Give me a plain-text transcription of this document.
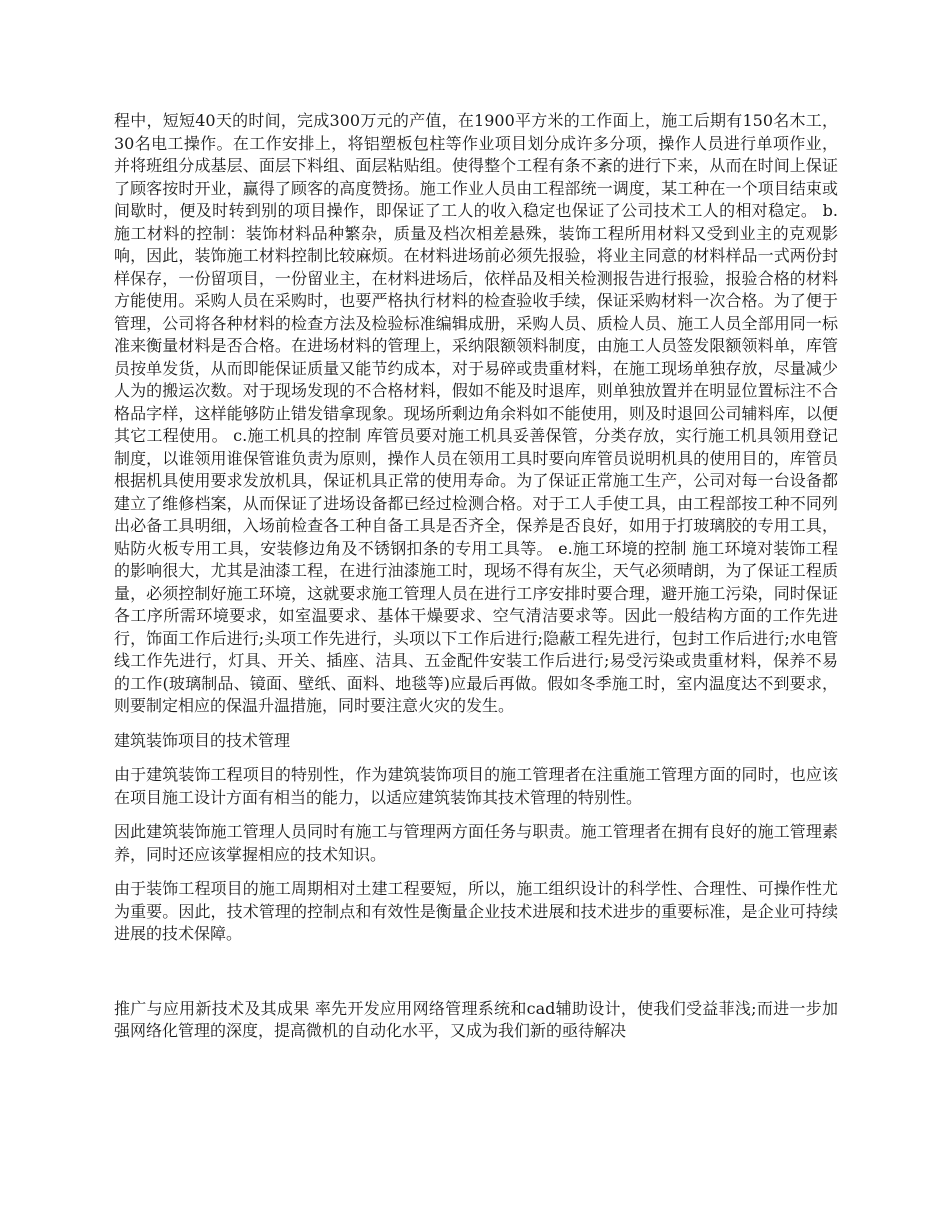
程中，短短40天的时间，完成300万元的产值，在1900平方米的工作面上，施工后期有150名木工，30名电工操作。在工作安排上，将铝塑板包柱等作业项目划分成许多分项，操作人员进行单项作业，并将班组分成基层、面层下料组、面层粘贴组。使得整个工程有条不紊的进行下来，从而在时间上保证了顾客按时开业，赢得了顾客的高度赞扬。施工作业人员由工程部统一调度，某工种在一个项目结束或间歇时，便及时转到别的项目操作，即保证了工人的收入稳定也保证了公司技术工人的相对稳定。 b.施工材料的控制：装饰材料品种繁杂，质量及档次相差悬殊，装饰工程所用材料又受到业主的克观影响，因此，装饰施工材料控制比较麻烦。在材料进场前必须先报验，将业主同意的材料样品一式两份封样保存，一份留项目，一份留业主，在材料进场后，依样品及相关检测报告进行报验，报验合格的材料方能使用。采购人员在采购时，也要严格执行材料的检查验收手续，保证采购材料一次合格。为了便于管理，公司将各种材料的检查方法及检验标准编辑成册，采购人员、质检人员、施工人员全部用同一标准来衡量材料是否合格。在进场材料的管理上，采纳限额领料制度，由施工人员签发限额领料单，库管员按单发货，从而即能保证质量又能节约成本，对于易碎或贵重材料，在施工现场单独存放，尽量减少人为的搬运次数。对于现场发现的不合格材料，假如不能及时退库，则单独放置并在明显位置标注不合格品字样，这样能够防止错发错拿现象。现场所剩边角余料如不能使用，则及时退回公司辅料库，以便其它工程使用。 c.施工机具的控制 库管员要对施工机具妥善保管，分类存放，实行施工机具领用登记制度，以谁领用谁保管谁负责为原则，操作人员在领用工具时要向库管员说明机具的使用目的，库管员根据机具使用要求发放机具，保证机具正常的使用寿命。为了保证正常施工生产，公司对每一台设备都建立了维修档案，从而保证了进场设备都已经过检测合格。对于工人手使工具，由工程部按工种不同列出必备工具明细，入场前检查各工种自备工具是否齐全，保养是否良好，如用于打玻璃胶的专用工具，贴防火板专用工具，安装修边角及不锈钢扣条的专用工具等。 e.施工环境的控制 施工环境对装饰工程的影响很大，尤其是油漆工程，在进行油漆施工时，现场不得有灰尘，天气必须晴朗，为了保证工程质量，必须控制好施工环境，这就要求施工管理人员在进行工序安排时要合理，避开施工污染，同时保证各工序所需环境要求，如室温要求、基体干燥要求、空气清洁要求等。因此一般结构方面的工作先进行，饰面工作后进行;头项工作先进行，头项以下工作后进行;隐蔽工程先进行，包封工作后进行;水电管线工作先进行，灯具、开关、插座、洁具、五金配件安装工作后进行;易受污染或贵重材料，保养不易的工作(玻璃制品、镜面、壁纸、面料、地毯等)应最后再做。假如冬季施工时，室内温度达不到要求，则要制定相应的保温升温措施，同时要注意火灾的发生。

建筑装饰项目的技术管理

由于建筑装饰工程项目的特别性，作为建筑装饰项目的施工管理者在注重施工管理方面的同时，也应该在项目施工设计方面有相当的能力，以适应建筑装饰其技术管理的特别性。

因此建筑装饰施工管理人员同时有施工与管理两方面任务与职责。施工管理者在拥有良好的施工管理素养，同时还应该掌握相应的技术知识。

由于装饰工程项目的施工周期相对土建工程要短，所以，施工组织设计的科学性、合理性、可操作性尤为重要。因此，技术管理的控制点和有效性是衡量企业技术进展和技术进步的重要标准，是企业可持续进展的技术保障。

推广与应用新技术及其成果 率先开发应用网络管理系统和cad辅助设计，使我们受益菲浅;而进一步加强网络化管理的深度，提高微机的自动化水平，又成为我们新的亟待解决
